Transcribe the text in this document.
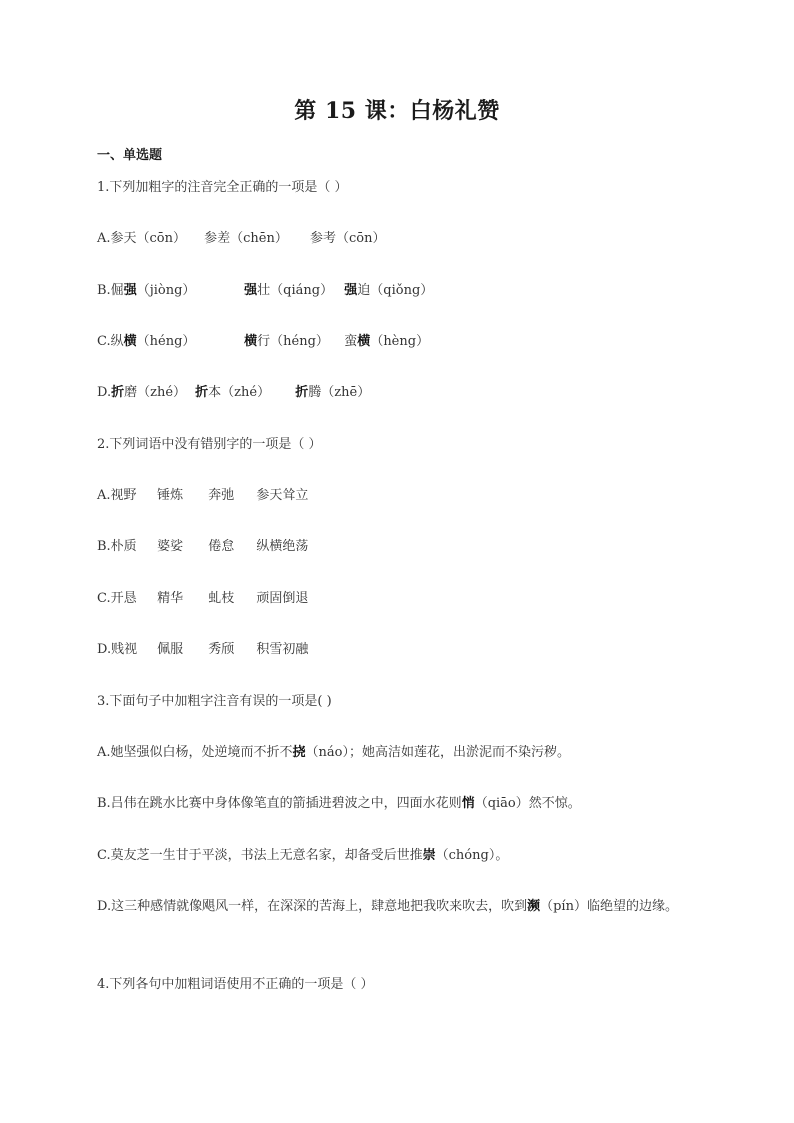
第 15 课：白杨礼赞
一、单选题
1.下列加粗字的注音完全正确的一项是（ ）
A.参天（cōn） 参差（chēn） 参考（cōn）
B.倔强（jiòng）	强壮（qiáng） 强迫（qiǒng）
C.纵横（héng）	横行（héng） 蛮横（hèng）
D.折磨（zhé） 折本（zhé） 折腾（zhē）
2.下列词语中没有错别字的一项是（ ）
A.视野 锤炼 奔弛 参天耸立
B.朴质 婆娑 倦怠 纵横绝荡
C.开恳 精华 虬枝 顽固倒退
D.贱视 佩服 秀颀 积雪初融
3.下面句子中加粗字注音有误的一项是( )
A.她坚强似白杨，处逆境而不折不挠（náo）；她高洁如莲花，出淤泥而不染污秽。
B.吕伟在跳水比赛中身体像笔直的箭插进碧波之中，四面水花则悄（qiāo）然不惊。
C.莫友芝一生甘于平淡，书法上无意名家，却备受后世推崇（chóng）。
D.这三种感情就像飓风一样，在深深的苦海上，肆意地把我吹来吹去，吹到濒（pín）临绝望的边缘。
4.下列各句中加粗词语使用不正确的一项是（ ）
